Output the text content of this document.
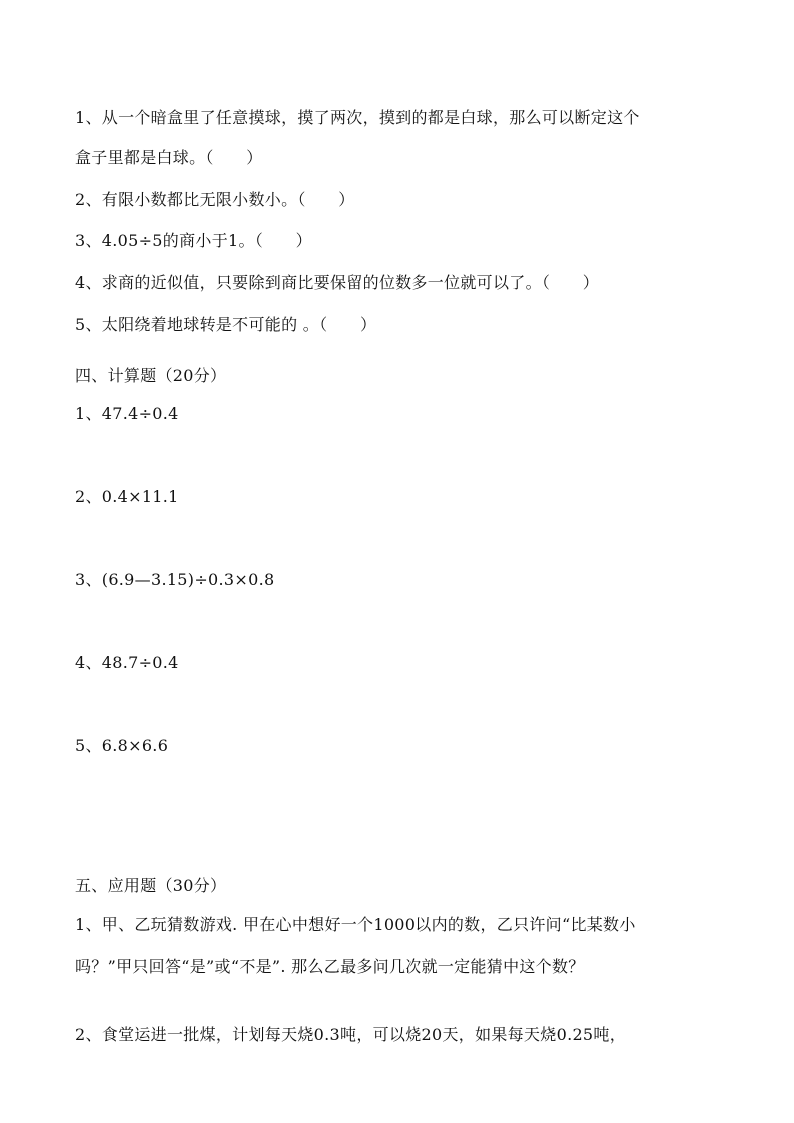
1、从一个暗盒里了任意摸球，摸了两次，摸到的都是白球，那么可以断定这个
盒子里都是白球。（　　）
2、有限小数都比无限小数小。（　　）
3、4.05÷5的商小于1。（　　）
4、求商的近似值，只要除到商比要保留的位数多一位就可以了。（　　）
5、太阳绕着地球转是不可能的 。（　　）
四、计算题（20分）
1、47.4÷0.4
2、0.4×11.1
3、(6.9—3.15)÷0.3×0.8
4、48.7÷0.4
5、6.8×6.6
五、应用题（30分）
1、甲、乙玩猜数游戏. 甲在心中想好一个1000以内的数，乙只许问“比某数小
吗？”甲只回答“是”或“不是”. 那么乙最多问几次就一定能猜中这个数？
2、食堂运进一批煤，计划每天烧0.3吨，可以烧20天，如果每天烧0.25吨，
